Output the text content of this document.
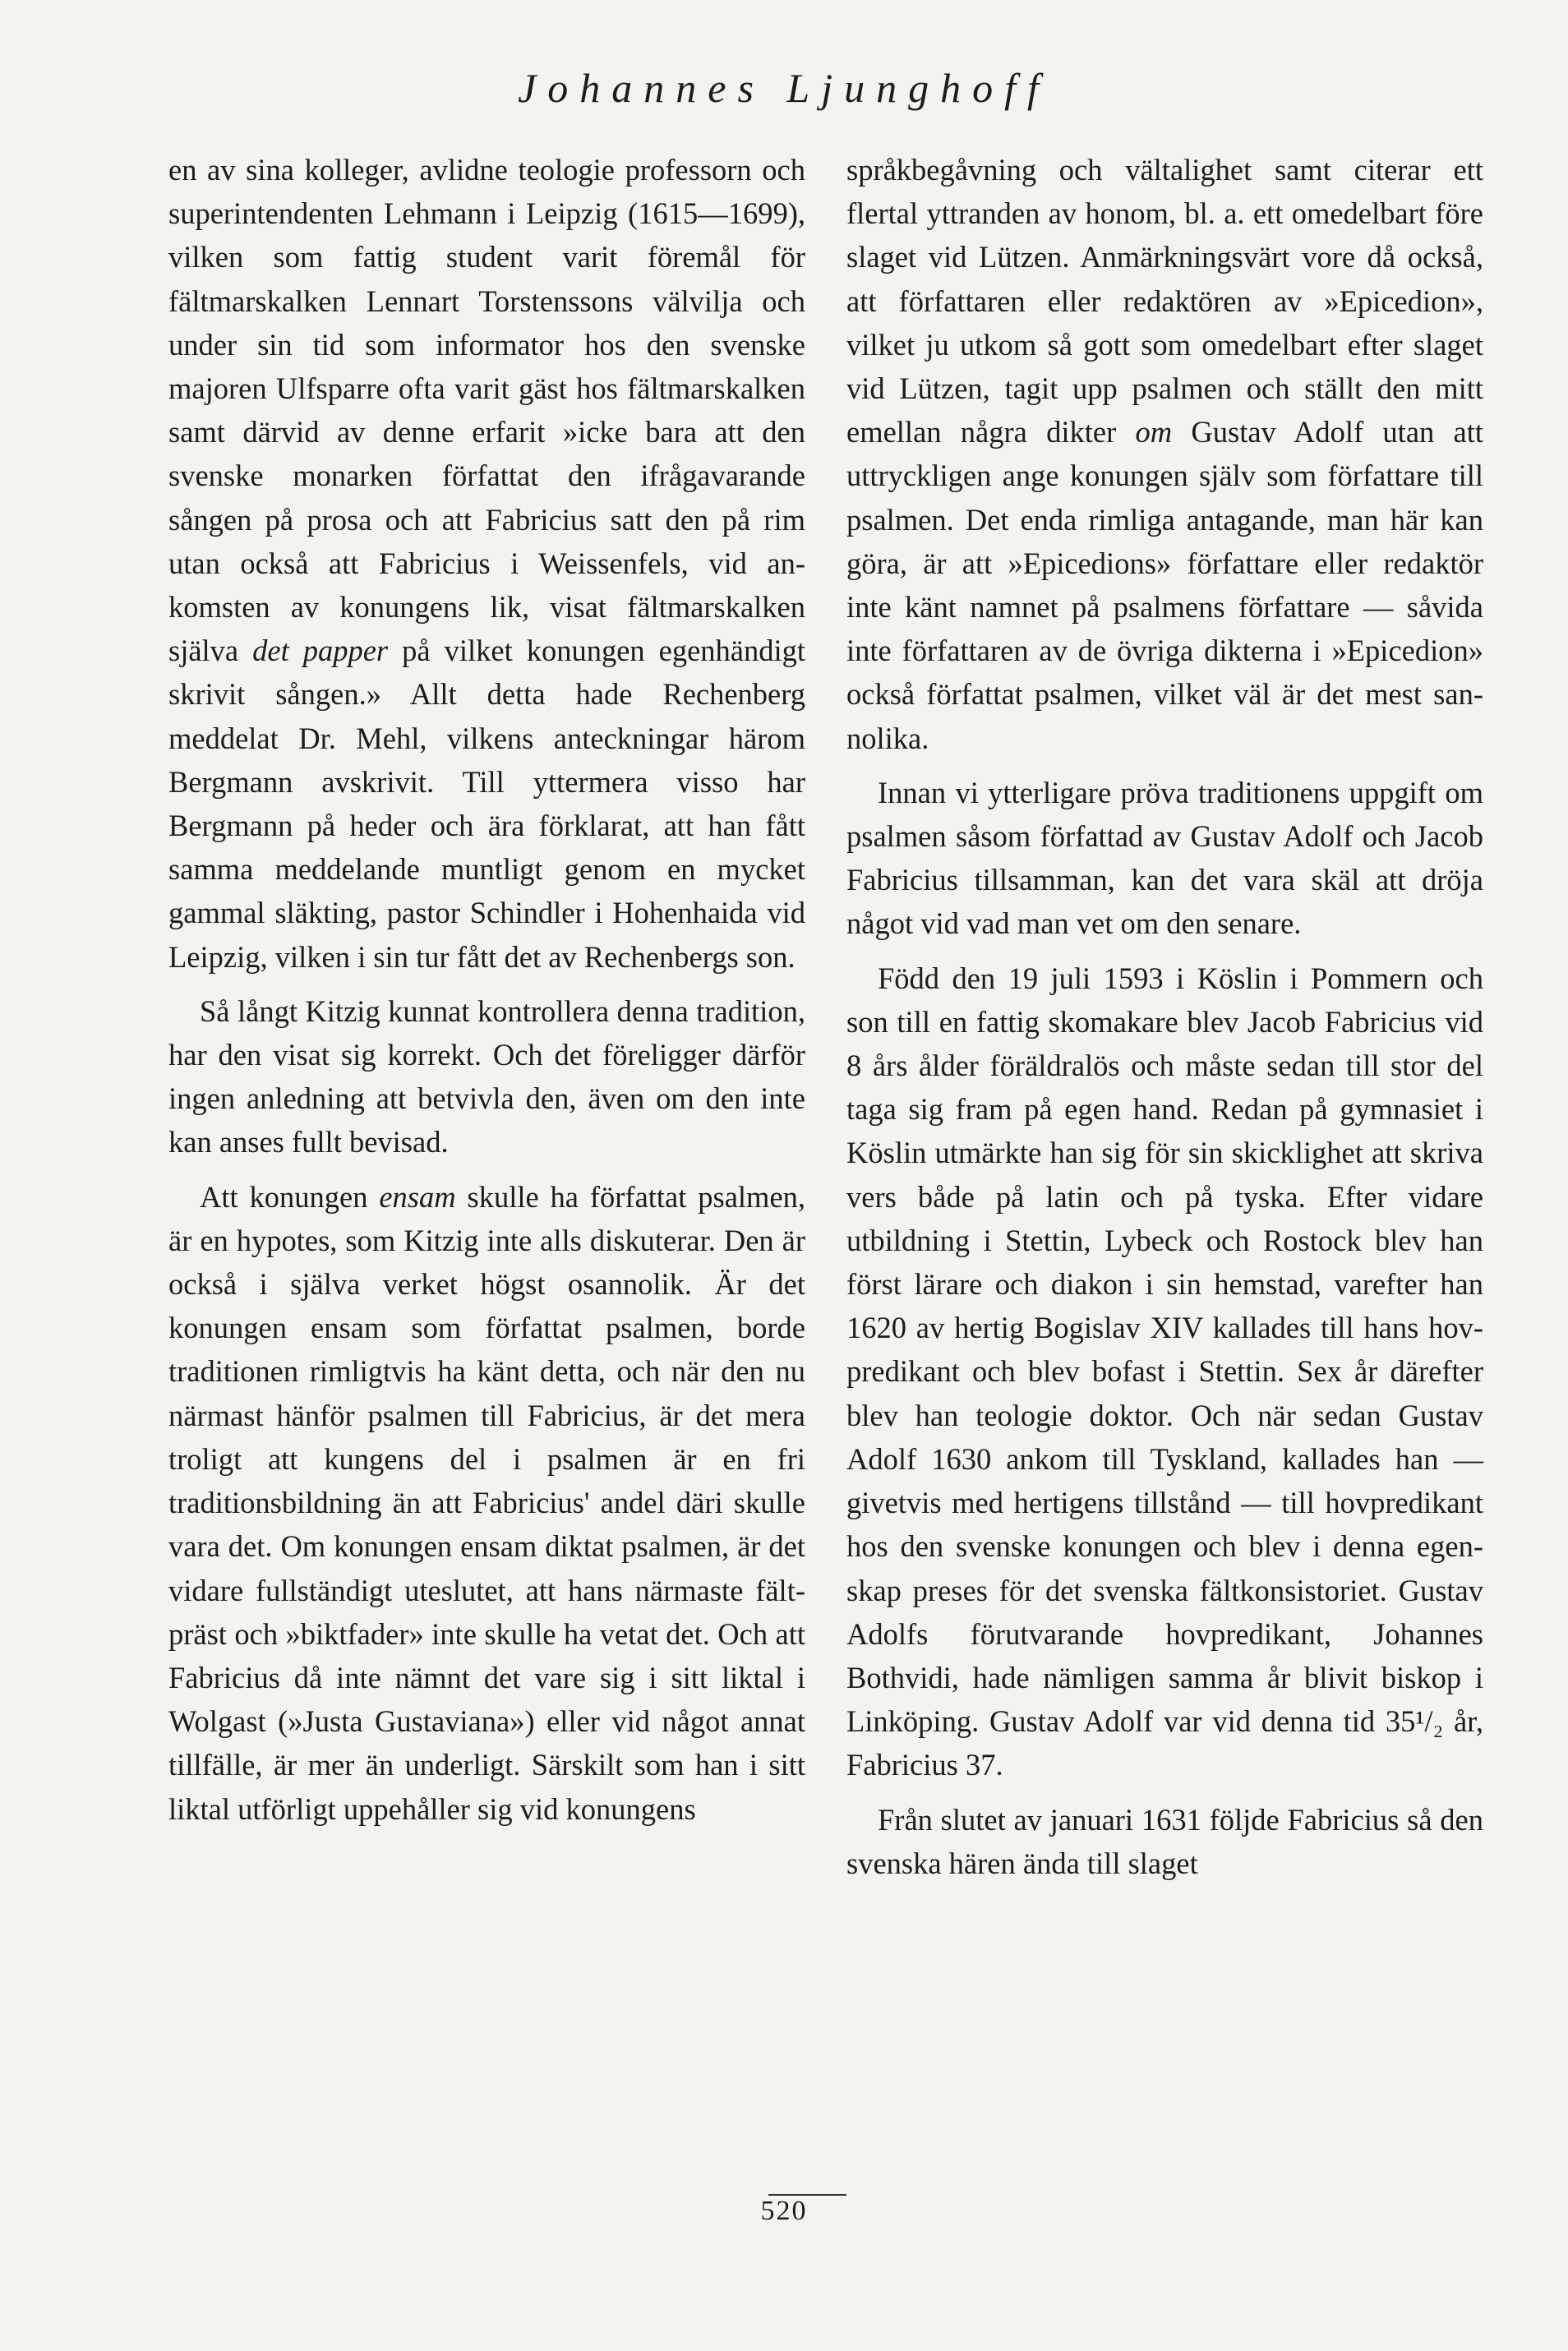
Johannes Ljunghoff

en av sina kolleger, avlidne teologie professorn och superintendenten Lehmann i Leipzig (1615—1699), vilken som fattig student varit föremål för fältmarskalken Lennart Torstenssons välvilja och under sin tid som informator hos den svenske majoren Ulfsparre ofta varit gäst hos fältmarskalken samt därvid av denne erfarit »icke bara att den svenske monarken författat den ifrågavarande sången på prosa och att Fabricius satt den på rim utan också att Fabricius i Weissenfels, vid ankomsten av konungens lik, visat fältmarskalken själva det papper på vilket konungen egenhändigt skrivit sången.» Allt detta hade Rechenberg meddelat Dr. Mehl, vilkens anteckningar härom Bergmann avskrivit. Till yttermera visso har Bergmann på heder och ära förklarat, att han fått samma meddelande muntligt genom en mycket gammal släkting, pastor Schindler i Hohenhaida vid Leipzig, vilken i sin tur fått det av Rechenbergs son.

Så långt Kitzig kunnat kontrollera denna tradition, har den visat sig korrekt. Och det föreligger därför ingen anledning att betvivla den, även om den inte kan anses fullt bevisad.

Att konungen ensam skulle ha författat psalmen, är en hypotes, som Kitzig inte alls diskuterar. Den är också i själva verket högst osannolik. Är det konungen ensam som författat psalmen, borde traditionen rimligtvis ha känt detta, och när den nu närmast hänför psalmen till Fabricius, är det mera troligt att kungens del i psalmen är en fri traditionsbildning än att Fabricius' andel däri skulle vara det. Om konungen ensam diktat psalmen, är det vidare fullständigt uteslutet, att hans närmaste fältpräst och »biktfader» inte skulle ha vetat det. Och att Fabricius då inte nämnt det vare sig i sitt liktal i Wolgast (»Justa Gustaviana») eller vid något annat tillfälle, är mer än underligt. Särskilt som han i sitt liktal utförligt uppehåller sig vid konungens

språkbegåvning och vältalighet samt citerar ett flertal yttranden av honom, bl. a. ett omedelbart före slaget vid Lützen. Anmärkningsvärt vore då också, att författaren eller redaktören av »Epicedion», vilket ju utkom så gott som omedelbart efter slaget vid Lützen, tagit upp psalmen och ställt den mitt emellan några dikter om Gustav Adolf utan att uttryckligen ange konungen själv som författare till psalmen. Det enda rimliga antagande, man här kan göra, är att »Epicedions» författare eller redaktör inte känt namnet på psalmens författare — såvida inte författaren av de övriga dikterna i »Epicedion» också författat psalmen, vilket väl är det mest sannolika.

Innan vi ytterligare pröva traditionens uppgift om psalmen såsom författad av Gustav Adolf och Jacob Fabricius tillsamman, kan det vara skäl att dröja något vid vad man vet om den senare.

Född den 19 juli 1593 i Köslin i Pommern och son till en fattig skomakare blev Jacob Fabricius vid 8 års ålder föräldralös och måste sedan till stor del taga sig fram på egen hand. Redan på gymnasiet i Köslin utmärkte han sig för sin skicklighet att skriva vers både på latin och på tyska. Efter vidare utbildning i Stettin, Lybeck och Rostock blev han först lärare och diakon i sin hemstad, varefter han 1620 av hertig Bogislav XIV kallades till hans hovpredikant och blev bofast i Stettin. Sex år därefter blev han teologie doktor. Och när sedan Gustav Adolf 1630 ankom till Tyskland, kallades han — givetvis med hertigens tillstånd — till hovpredikant hos den svenske konungen och blev i denna egenskap preses för det svenska fältkonsistoriet. Gustav Adolfs förutvarande hovpredikant, Johannes Bothvidi, hade nämligen samma år blivit biskop i Linköping. Gustav Adolf var vid denna tid 35¹/₂ år, Fabricius 37.

Från slutet av januari 1631 följde Fabricius så den svenska hären ända till slaget

520
